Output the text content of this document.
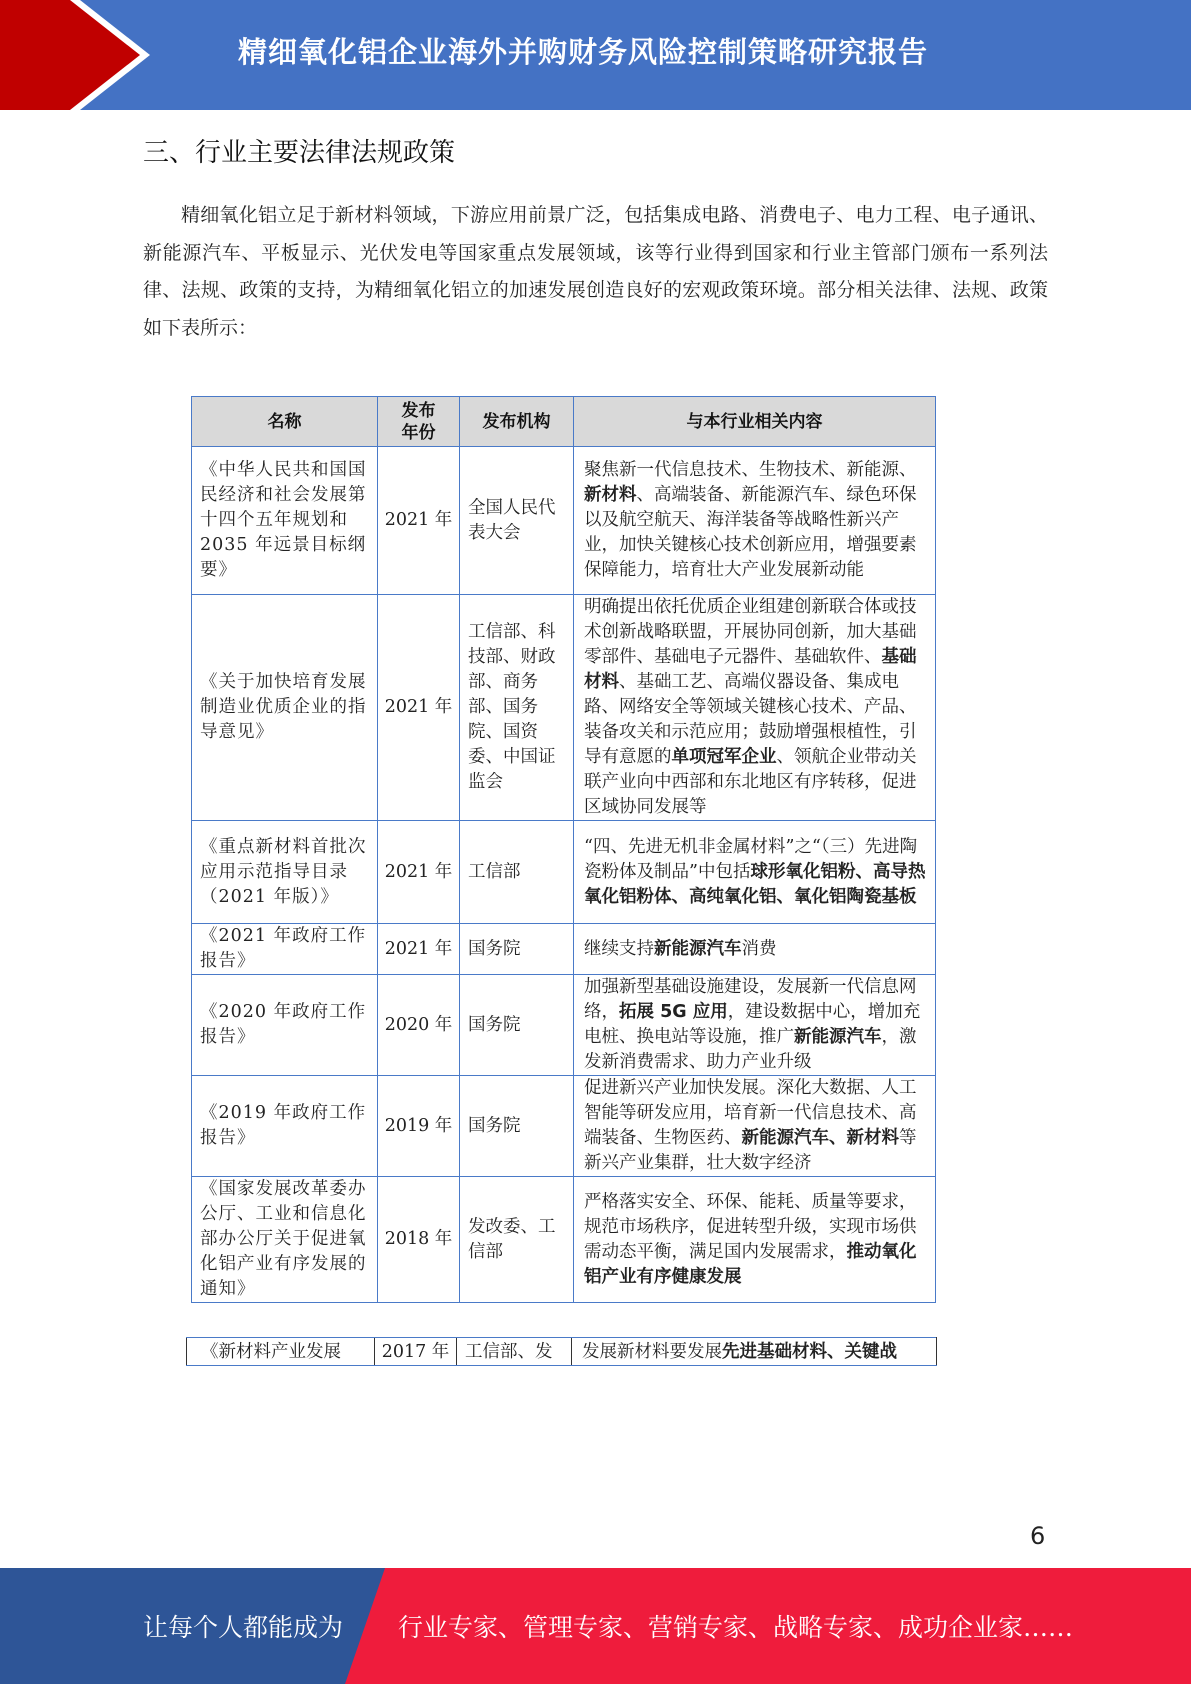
精细氧化铝企业海外并购财务风险控制策略研究报告
三、行业主要法律法规政策

精细氧化铝立足于新材料领域，下游应用前景广泛，包括集成电路、消费电子、电力工程、电子通讯、新能源汽车、平板显示、光伏发电等国家重点发展领域，该等行业得到国家和行业主管部门颁布一系列法律、法规、政策的支持，为精细氧化铝立的加速发展创造良好的宏观政策环境。部分相关法律、法规、政策如下表所示：

名称	发布年份	发布机构	与本行业相关内容
《中华人民共和国国民经济和社会发展第十四个五年规划和 2035 年远景目标纲要》	2021 年	全国人民代表大会	聚焦新一代信息技术、生物技术、新能源、新材料、高端装备、新能源汽车、绿色环保以及航空航天、海洋装备等战略性新兴产业，加快关键核心技术创新应用，增强要素保障能力，培育壮大产业发展新动能
《关于加快培育发展制造业优质企业的指导意见》	2021 年	工信部、科技部、财政部、商务部、国务院、国资委、中国证监会	明确提出依托优质企业组建创新联合体或技术创新战略联盟，开展协同创新，加大基础零部件、基础电子元器件、基础软件、基础材料、基础工艺、高端仪器设备、集成电路、网络安全等领域关键核心技术、产品、装备攻关和示范应用；鼓励增强根植性，引导有意愿的单项冠军企业、领航企业带动关联产业向中西部和东北地区有序转移，促进区域协同发展等
《重点新材料首批次应用示范指导目录（2021 年版）》	2021 年	工信部	“四、先进无机非金属材料”之“（三）先进陶瓷粉体及制品”中包括球形氧化铝粉、高导热氧化铝粉体、高纯氧化铝、氧化铝陶瓷基板
《2021 年政府工作报告》	2021 年	国务院	继续支持新能源汽车消费
《2020 年政府工作报告》	2020 年	国务院	加强新型基础设施建设，发展新一代信息网络，拓展 5G 应用，建设数据中心，增加充电桩、换电站等设施，推广新能源汽车，激发新消费需求、助力产业升级
《2019 年政府工作报告》	2019 年	国务院	促进新兴产业加快发展。深化大数据、人工智能等研发应用，培育新一代信息技术、高端装备、生物医药、新能源汽车、新材料等新兴产业集群，壮大数字经济
《国家发展改革委办公厅、工业和信息化部办公厅关于促进氧化铝产业有序发展的通知》	2018 年	发改委、工信部	严格落实安全、环保、能耗、质量等要求，规范市场秩序，促进转型升级，实现市场供需动态平衡，满足国内发展需求，推动氧化铝产业有序健康发展
《新材料产业发展	2017 年	工信部、发	发展新材料要发展先进基础材料、关键战
6
让每个人都能成为 行业专家、管理专家、营销专家、战略专家、成功企业家……
